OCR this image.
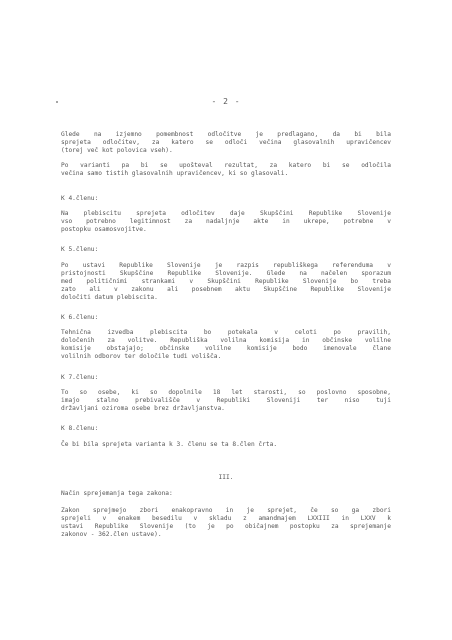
- 2 -
Glede na izjemno pomembnost odločitve je predlagano, da bi bila
sprejeta odločitev, za katero se odloči večina glasovalnih upravičencev
(torej več kot polovica vseh).
Po varianti pa bi se upošteval rezultat, za katero bi se odločila
večina samo tistih glasovalnih upravičencev, ki so glasovali.
K 4.členu:
Na plebiscitu sprejeta odločitev daje Skupščini Republike Slovenije
vso potrebno legitimnost za nadaljnje akte in ukrepe, potrebne v
postopku osamosvojitve.
K 5.členu:
Po ustavi Republike Slovenije je razpis republiškega referenduma v
pristojnosti Skupščine Republike Slovenije. Glede na načelen sporazum
med političnimi strankami v Skupščini Republike Slovenije bo treba
zato ali v zakonu ali posebnem aktu Skupščine Republike Slovenije
določiti datum plebiscita.
K 6.členu:
Tehnična izvedba plebiscita bo potekala v celoti po pravilih,
določenih za volitve. Republiška volilna komisija in občinske volilne
komisije obstajajo; občinske volilne komisije bodo imenovale člane
volilnih odborov ter določile tudi volišča.
K 7.členu:
To so osebe, ki so dopolnile 18 let starosti, so poslovno sposobne,
imajo stalno prebivališče v Republiki Sloveniji ter niso tuji
državljani oziroma osebe brez državljanstva.
K 8.členu:
Če bi bila sprejeta varianta k 3. členu se ta 8.člen črta.
III.
Način sprejemanja tega zakona:
Zakon sprejmejo zbori enakopravno in je sprejet, če so ga zbori
sprejeli v enakem besedilu v skladu z amandmajem LXXIII in LXXV k
ustavi Republike Slovenije (to je po običajnem postopku za sprejemanje
zakonov - 362.člen ustave).
